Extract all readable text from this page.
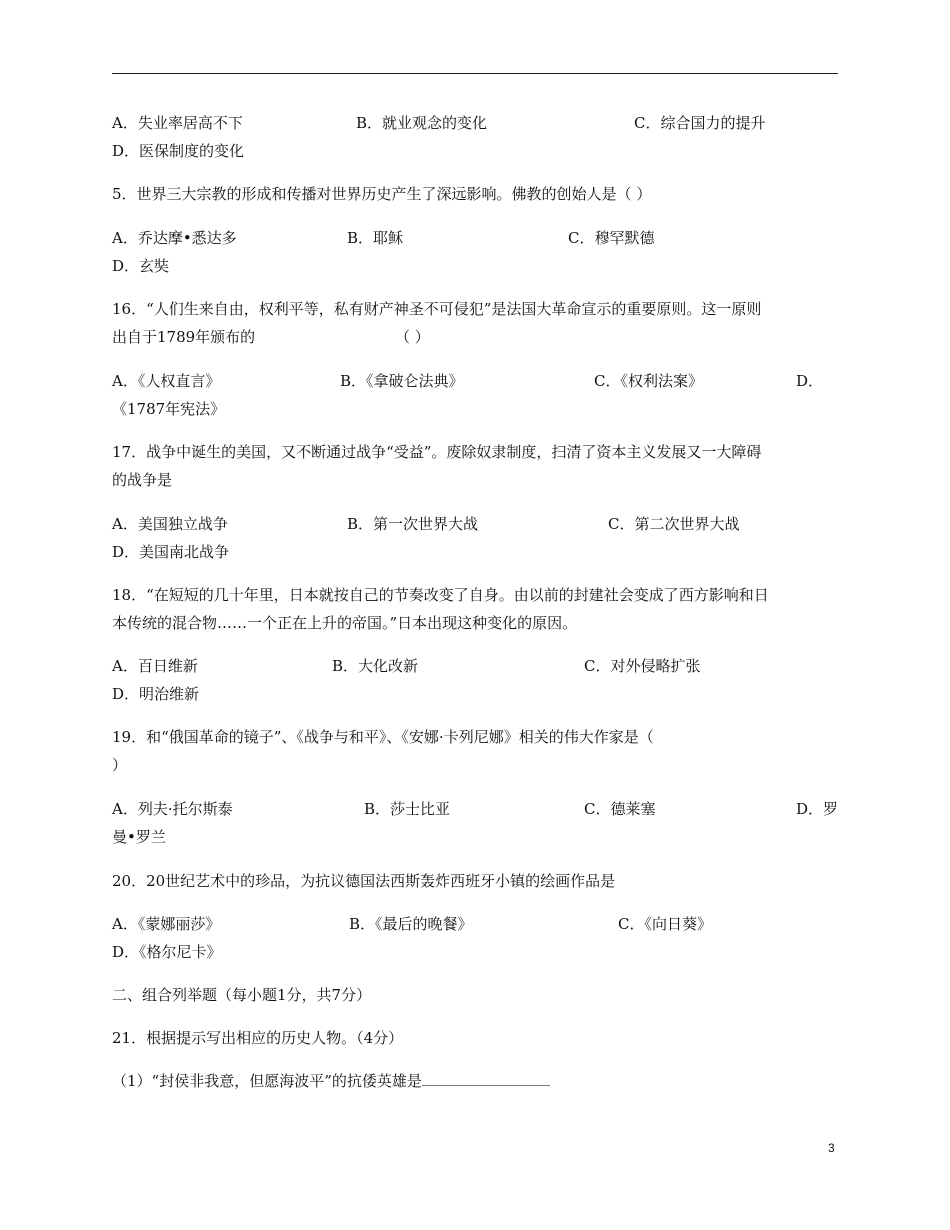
A．失业率居高不下	B．就业观念的变化	C．综合国力的提升
D．医保制度的变化
5．世界三大宗教的形成和传播对世界历史产生了深远影响。佛教的创始人是（ ）
A．乔达摩•悉达多	B．耶稣	C．穆罕默德
D．玄奘
16．“人们生来自由，权利平等，私有财产神圣不可侵犯”是法国大革命宣示的重要原则。这一原则
出自于1789年颁布的	（ ）
A．《人权直言》	B．《拿破仑法典》	C．《权利法案》	D．
《1787年宪法》
17．战争中诞生的美国，又不断通过战争“受益”。废除奴隶制度，扫清了资本主义发展又一大障碍
的战争是
A．美国独立战争	B．第一次世界大战	C．第二次世界大战
D．美国南北战争
18．“在短短的几十年里，日本就按自己的节奏改变了自身。由以前的封建社会变成了西方影响和日
本传统的混合物……一个正在上升的帝国。”日本出现这种变化的原因。
A．百日维新	B．大化改新	C．对外侵略扩张
D．明治维新
19．和“俄国革命的镜子”、《战争与和平》、《安娜·卡列尼娜》相关的伟大作家是（
）
A．列夫·托尔斯泰	B．莎士比亚	C．德莱塞	D．罗
曼•罗兰
20．20世纪艺术中的珍品，为抗议德国法西斯轰炸西班牙小镇的绘画作品是
A．《蒙娜丽莎》	B．《最后的晚餐》	C．《向日葵》
D．《格尔尼卡》
二、组合列举题（每小题1分，共7分）
21．根据提示写出相应的历史人物。（4分）
（1）“封侯非我意，但愿海波平”的抗倭英雄是
3
